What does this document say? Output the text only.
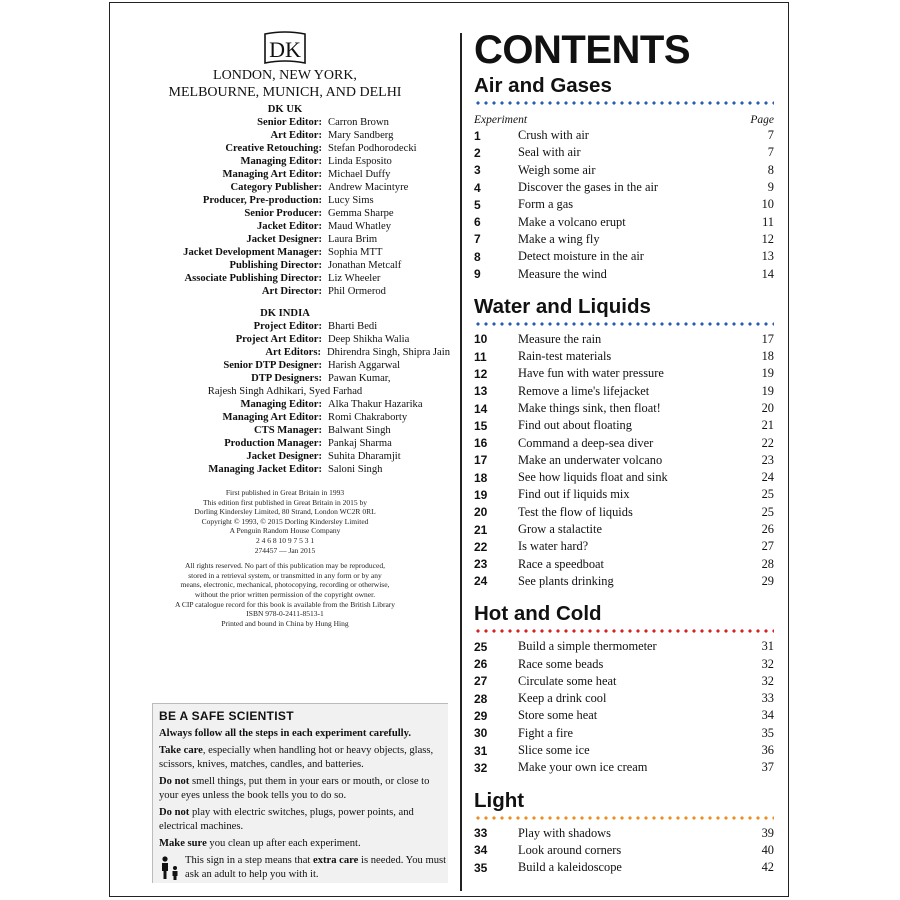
DK
LONDON, NEW YORK,
MELBOURNE, MUNICH, AND DELHI
DK UK
Senior Editor: Carron Brown
Art Editor: Mary Sandberg
Creative Retouching: Stefan Podhorodecki
Managing Editor: Linda Esposito
Managing Art Editor: Michael Duffy
Category Publisher: Andrew Macintyre
Producer, Pre-production: Lucy Sims
Senior Producer: Gemma Sharpe
Jacket Editor: Maud Whatley
Jacket Designer: Laura Brim
Jacket Development Manager: Sophia MTT
Publishing Director: Jonathan Metcalf
Associate Publishing Director: Liz Wheeler
Art Director: Phil Ormerod
DK INDIA
Project Editor: Bharti Bedi
Project Art Editor: Deep Shikha Walia
Art Editors: Dhirendra Singh, Shipra Jain
Senior DTP Designer: Harish Aggarwal
DTP Designers: Pawan Kumar,
Rajesh Singh Adhikari, Syed Farhad
Managing Editor: Alka Thakur Hazarika
Managing Art Editor: Romi Chakraborty
CTS Manager: Balwant Singh
Production Manager: Pankaj Sharma
Jacket Designer: Suhita Dharamjit
Managing Jacket Editor: Saloni Singh
First published in Great Britain in 1993
This edition first published in Great Britain in 2015 by
Dorling Kindersley Limited, 80 Strand, London WC2R 0RL
Copyright © 1993, © 2015 Dorling Kindersley Limited
A Penguin Random House Company
2 4 6 8 10 9 7 5 3 1
274457 — Jan 2015
All rights reserved. No part of this publication may be reproduced,
stored in a retrieval system, or transmitted in any form or by any
means, electronic, mechanical, photocopying, recording or otherwise,
without the prior written permission of the copyright owner.
A CIP catalogue record for this book is available from the British Library
ISBN 978-0-2411-8513-1
Printed and bound in China by Hung Hing
BE A SAFE SCIENTIST

Always follow all the steps in each experiment carefully.

Take care, especially when handling hot or heavy objects, glass, scissors, knives, matches, candles, and batteries.

Do not smell things, put them in your ears or mouth, or close to your eyes unless the book tells you to do so.

Do not play with electric switches, plugs, power points, and electrical machines.

Make sure you clean up after each experiment.

This sign in a step means that extra care is needed. You must ask an adult to help you with it.

CONTENTS
Air and Gases
Experiment	Page
1	Crush with air	7
2	Seal with air	7
3	Weigh some air	8
4	Discover the gases in the air	9
5	Form a gas	10
6	Make a volcano erupt	11
7	Make a wing fly	12
8	Detect moisture in the air	13
9	Measure the wind	14
Water and Liquids
10	Measure the rain	17
11	Rain-test materials	18
12	Have fun with water pressure	19
13	Remove a lime's lifejacket	19
14	Make things sink, then float!	20
15	Find out about floating	21
16	Command a deep-sea diver	22
17	Make an underwater volcano	23
18	See how liquids float and sink	24
19	Find out if liquids mix	25
20	Test the flow of liquids	25
21	Grow a stalactite	26
22	Is water hard?	27
23	Race a speedboat	28
24	See plants drinking	29
Hot and Cold
25	Build a simple thermometer	31
26	Race some beads	32
27	Circulate some heat	32
28	Keep a drink cool	33
29	Store some heat	34
30	Fight a fire	35
31	Slice some ice	36
32	Make your own ice cream	37
Light
33	Play with shadows	39
34	Look around corners	40
35	Build a kaleidoscope	42
